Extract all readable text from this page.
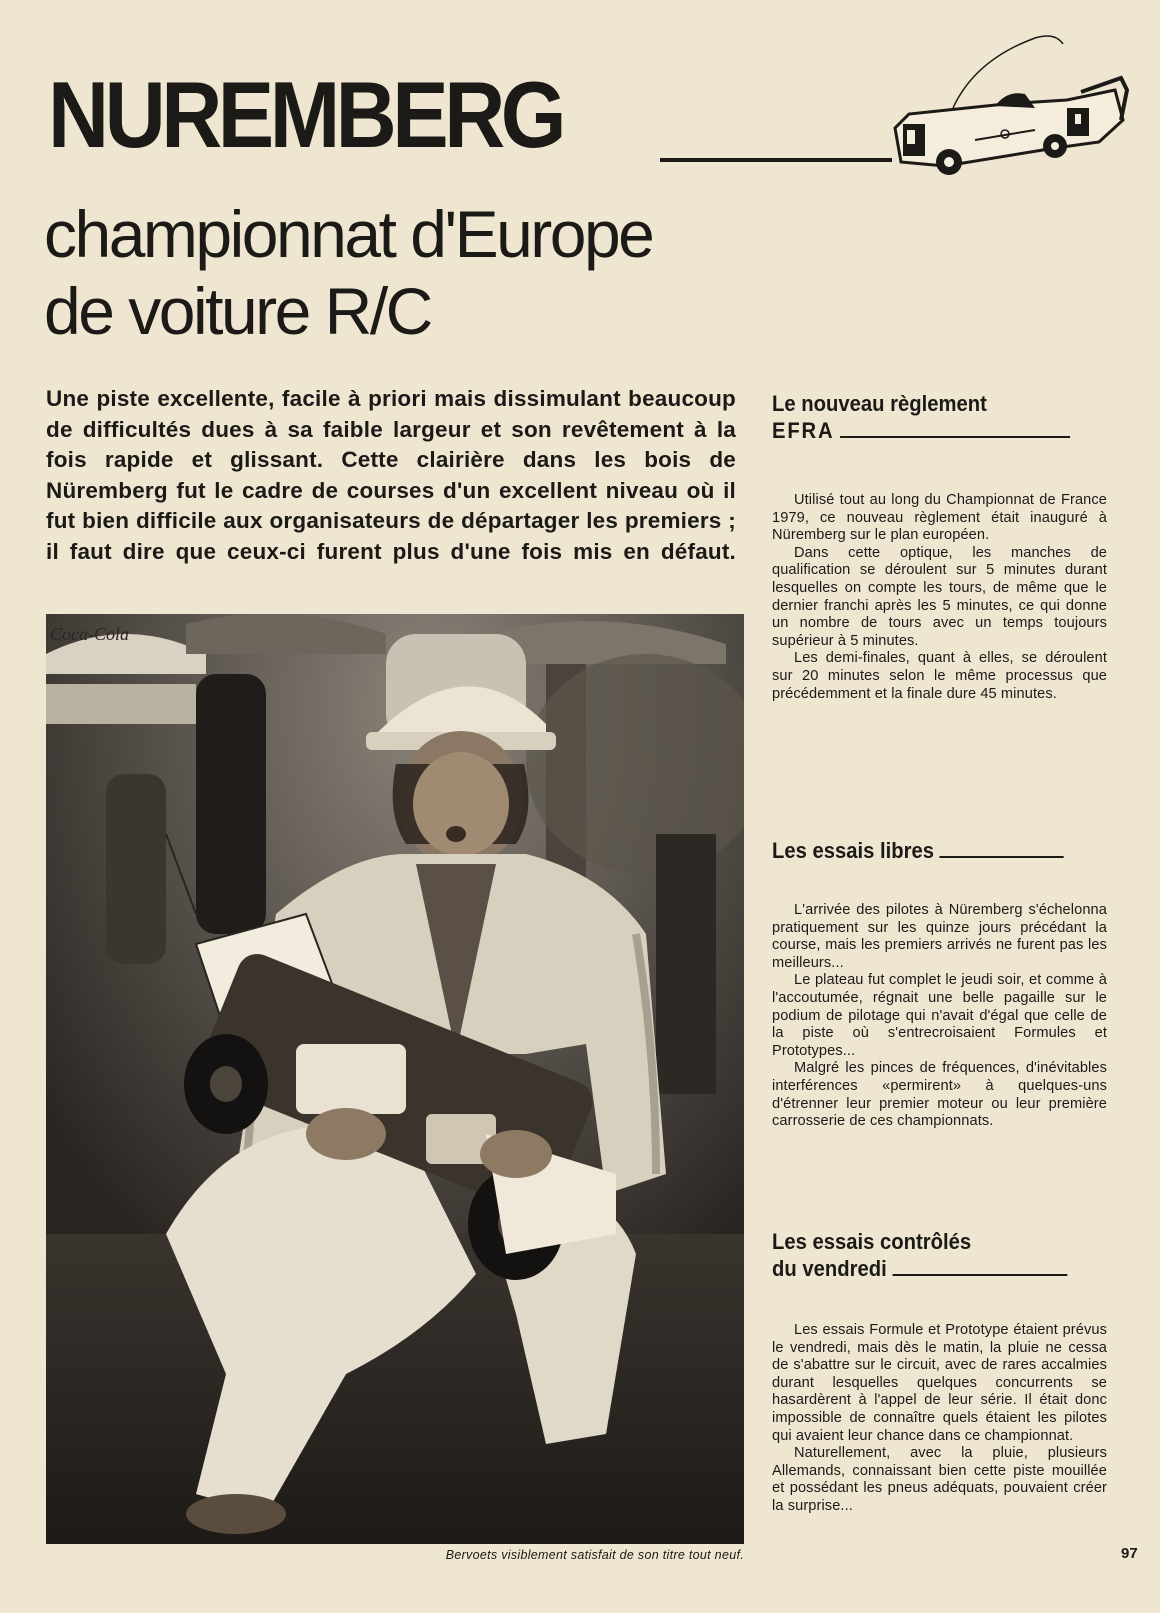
NUREMBERG
championnat d'Europe
de voiture R/C

Une piste excellente, facile à priori mais dissimulant beaucoup de difficultés dues à sa faible largeur et son revêtement à la fois rapide et glissant. Cette clairière dans les bois de Nüremberg fut le cadre de courses d'un excellent niveau où il fut bien difficile aux organisateurs de départager les premiers ; il faut dire que ceux-ci furent plus d'une fois mis en défaut.

Coca-Cola

Bervoets visiblement satisfait de son titre tout neuf.

Le nouveau règlement
EFRA

Utilisé tout au long du Championnat de France 1979, ce nouveau règlement était inauguré à Nüremberg sur le plan européen.

Dans cette optique, les manches de qualification se déroulent sur 5 minutes durant lesquelles on compte les tours, de même que le dernier franchi après les 5 minutes, ce qui donne un nombre de tours avec un temps toujours supérieur à 5 minutes.

Les demi-finales, quant à elles, se déroulent sur 20 minutes selon le même processus que précédemment et la finale dure 45 minutes.

Les essais libres

L'arrivée des pilotes à Nüremberg s'échelonna pratiquement sur les quinze jours précédant la course, mais les premiers arrivés ne furent pas les meilleurs...

Le plateau fut complet le jeudi soir, et comme à l'accoutumée, régnait une belle pagaille sur le podium de pilotage qui n'avait d'égal que celle de la piste où s'entrecroisaient Formules et Prototypes...

Malgré les pinces de fréquences, d'inévitables interférences «permirent» à quelques-uns d'étrenner leur premier moteur ou leur première carrosserie de ces championnats.

Les essais contrôlés
du vendredi

Les essais Formule et Prototype étaient prévus le vendredi, mais dès le matin, la pluie ne cessa de s'abattre sur le circuit, avec de rares accalmies durant lesquelles quelques concurrents se hasardèrent à l'appel de leur série. Il était donc impossible de connaître quels étaient les pilotes qui avaient leur chance dans ce championnat.

Naturellement, avec la pluie, plusieurs Allemands, connaissant bien cette piste mouillée et possédant les pneus adéquats, pouvaient créer la surprise...

97
